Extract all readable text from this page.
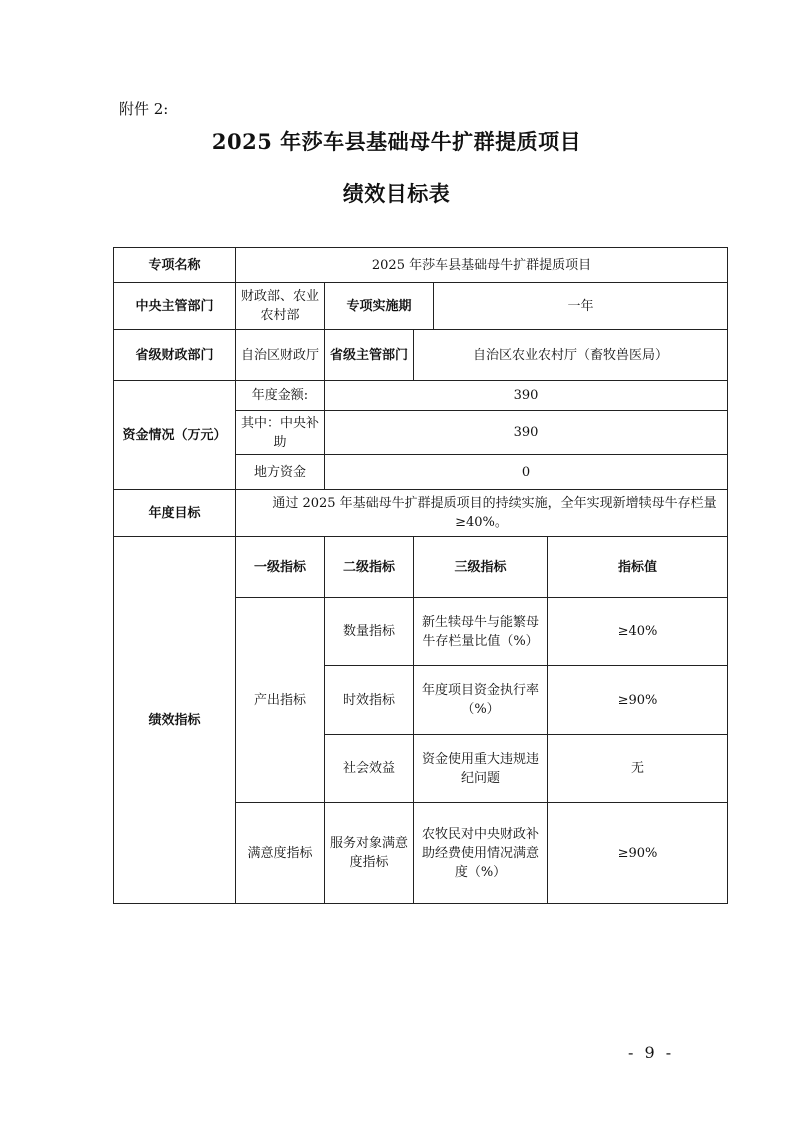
附件 2:
2025 年莎车县基础母牛扩群提质项目
绩效目标表
专项名称	2025 年莎车县基础母牛扩群提质项目				
中央主管部门	财政部、农业农村部	专项实施期		一年	
省级财政部门	自治区财政厅	省级主管部门	自治区农业农村厅（畜牧兽医局）		
资金情况（万元）	年度金额:	390			
	其中：中央补助	390			
	地方资金	0			
年度目标	通过 2025 年基础母牛扩群提质项目的持续实施，全年实现新增犊母牛存栏量≥40%。				
绩效指标	一级指标	二级指标	三级指标		指标值
	产出指标	数量指标	新生犊母牛与能繁母牛存栏量比值（%）		≥40%
		时效指标	年度项目资金执行率（%）		≥90%
		社会效益	资金使用重大违规违纪问题		无
	满意度指标	服务对象满意度指标	农牧民对中央财政补助经费使用情况满意度（%）		≥90%
- 9 -
